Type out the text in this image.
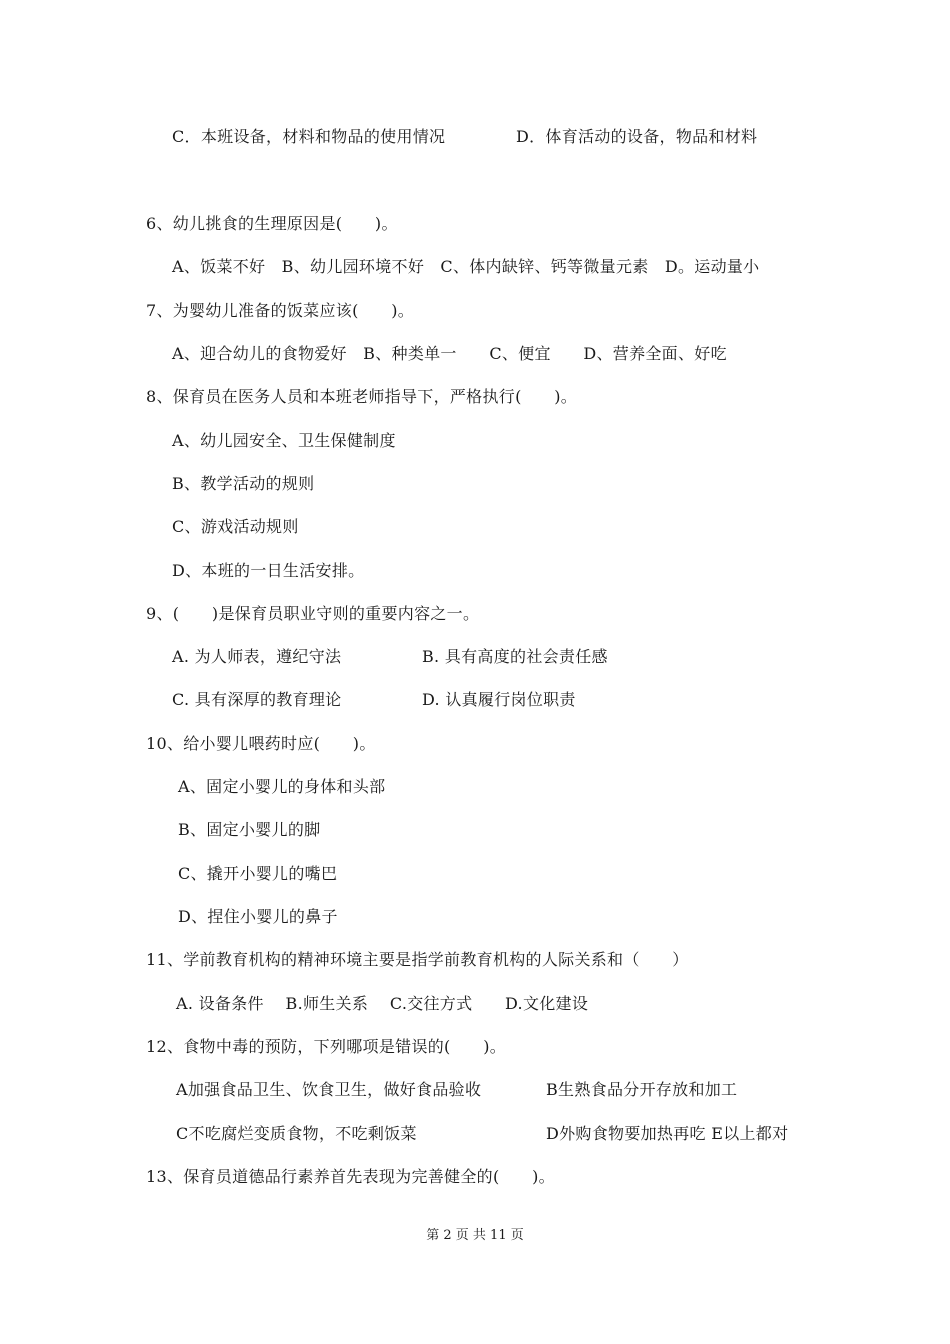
C．本班设备，材料和物品的使用情况	D．体育活动的设备，物品和材料
6、幼儿挑食的生理原因是(　　)。
A、饭菜不好　B、幼儿园环境不好　C、体内缺锌、钙等微量元素　D。运动量小
7、为婴幼儿准备的饭菜应该(　　)。
A、迎合幼儿的食物爱好　B、种类单一　　C、便宜　　D、营养全面、好吃
8、保育员在医务人员和本班老师指导下，严格执行(　　)。
A、幼儿园安全、卫生保健制度
B、教学活动的规则
C、游戏活动规则
D、本班的一日生活安排。
9、(　　)是保育员职业守则的重要内容之一。
A. 为人师表，遵纪守法	B. 具有高度的社会责任感
C. 具有深厚的教育理论	D. 认真履行岗位职责
10、给小婴儿喂药时应(　　)。
A、固定小婴儿的身体和头部
B、固定小婴儿的脚
C、撬开小婴儿的嘴巴
D、捏住小婴儿的鼻子
11、学前教育机构的精神环境主要是指学前教育机构的人际关系和（　　）
A. 设备条件　 B.师生关系　 C.交往方式　　D.文化建设
12、食物中毒的预防，下列哪项是错误的(　　)。
A加强食品卫生、饮食卫生，做好食品验收	B生熟食品分开存放和加工
C不吃腐烂变质食物，不吃剩饭菜	D外购食物要加热再吃 E以上都对
13、保育员道德品行素养首先表现为完善健全的(　　)。
第 2 页 共 11 页
